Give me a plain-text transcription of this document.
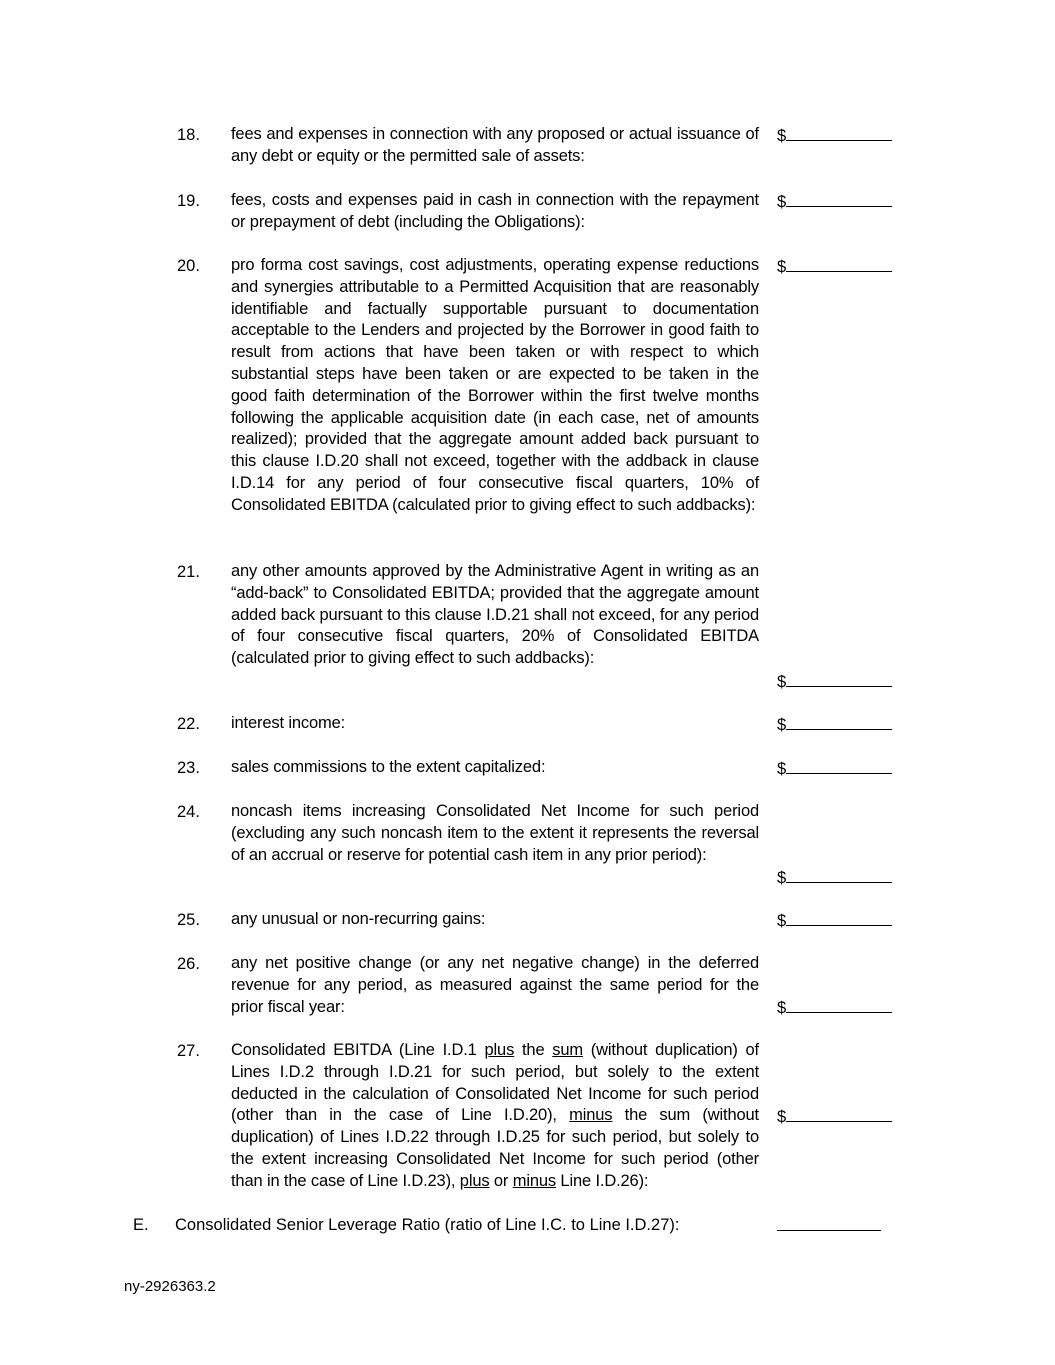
18. fees and expenses in connection with any proposed or actual issuance of any debt or equity or the permitted sale of assets:
$
19. fees, costs and expenses paid in cash in connection with the repayment or prepayment of debt (including the Obligations):
$
20. pro forma cost savings, cost adjustments, operating expense reductions and synergies attributable to a Permitted Acquisition that are reasonably identifiable and factually supportable pursuant to documentation acceptable to the Lenders and projected by the Borrower in good faith to result from actions that have been taken or with respect to which substantial steps have been taken or are expected to be taken in the good faith determination of the Borrower within the first twelve months following the applicable acquisition date (in each case, net of amounts realized); provided that the aggregate amount added back pursuant to this clause I.D.20 shall not exceed, together with the addback in clause I.D.14 for any period of four consecutive fiscal quarters, 10% of Consolidated EBITDA (calculated prior to giving effect to such addbacks):
$
21. any other amounts approved by the Administrative Agent in writing as an “add-back” to Consolidated EBITDA; provided that the aggregate amount added back pursuant to this clause I.D.21 shall not exceed, for any period of four consecutive fiscal quarters, 20% of Consolidated EBITDA (calculated prior to giving effect to such addbacks):
$
22. interest income:	$
23. sales commissions to the extent capitalized:	$
24. noncash items increasing Consolidated Net Income for such period (excluding any such noncash item to the extent it represents the reversal of an accrual or reserve for potential cash item in any prior period):
$
25. any unusual or non-recurring gains:	$
26. any net positive change (or any net negative change) in the deferred revenue for any period, as measured against the same period for the prior fiscal year:	$
27. Consolidated EBITDA (Line I.D.1 plus the sum (without duplication) of Lines I.D.2 through I.D.21 for such period, but solely to the extent deducted in the calculation of Consolidated Net Income for such period (other than in the case of Line I.D.20), minus the sum (without duplication) of Lines I.D.22 through I.D.25 for such period, but solely to the extent increasing Consolidated Net Income for such period (other than in the case of Line I.D.23), plus or minus Line I.D.26):
$
E. Consolidated Senior Leverage Ratio (ratio of Line I.C. to Line I.D.27):
ny-2926363.2
